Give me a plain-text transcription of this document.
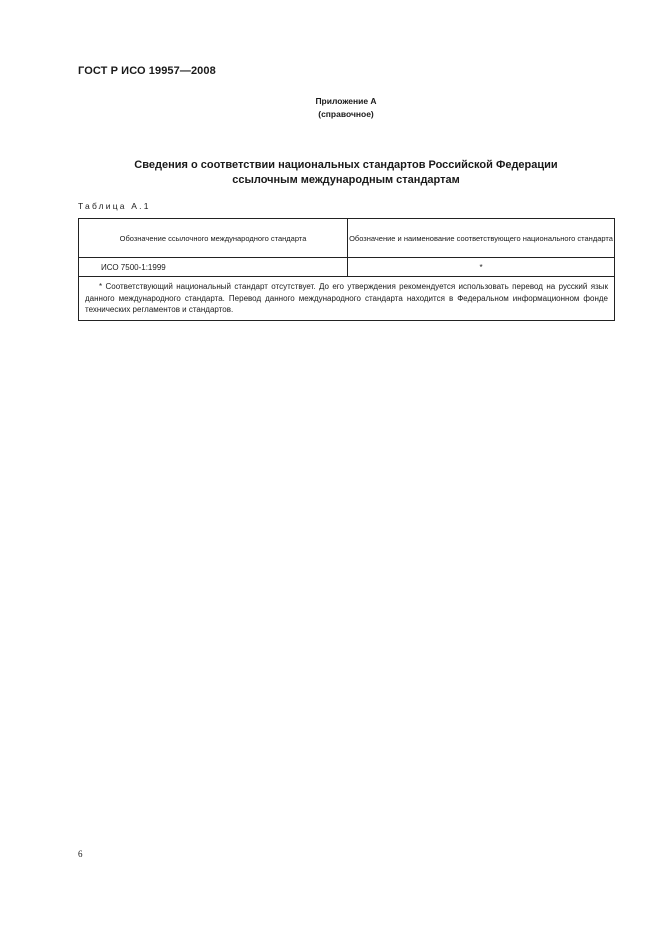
ГОСТ Р ИСО 19957—2008
Приложение А
(справочное)
Сведения о соответствии национальных стандартов Российской Федерации
ссылочным международным стандартам
Таблица А.1
Обозначение ссылочного международного стандарта	Обозначение и наименование соответствующего национального стандарта
ИСО 7500-1:1999	*
* Соответствующий национальный стандарт отсутствует. До его утверждения рекомендуется использовать перевод на русский язык данного международного стандарта. Перевод данного международного стандарта находится в Федеральном информационном фонде технических регламентов и стандартов.	
6
